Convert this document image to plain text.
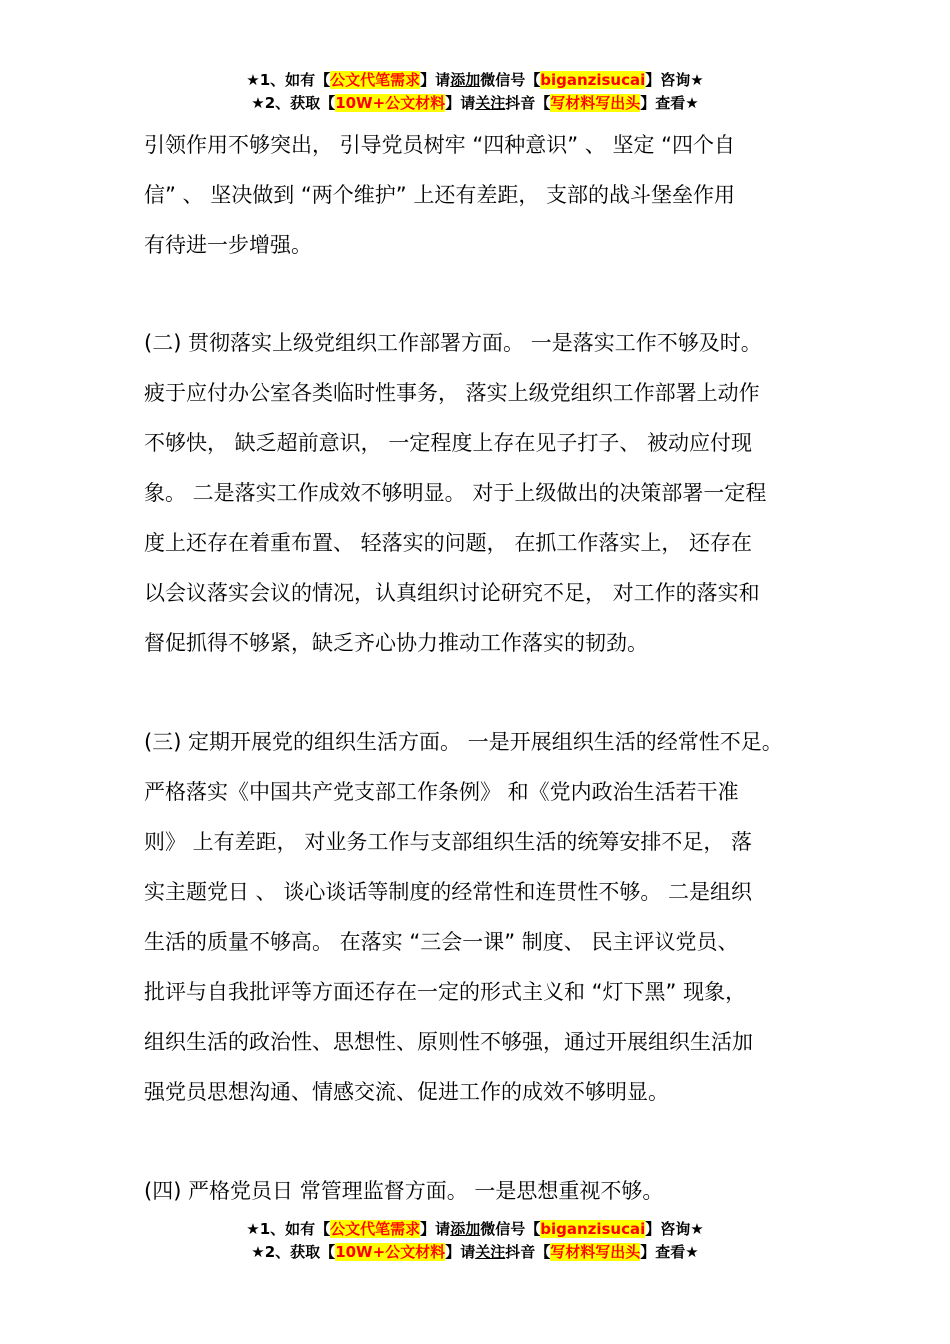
★1、如有【公文代笔需求】请添加微信号【biganzisucai】咨询★
★2、获取【10W+公文材料】请关注抖音【写材料写出头】查看★
引领作用不够突出， 引导党员树牢 “四种意识” 、 坚定 “四个自
信” 、 坚决做到 “两个维护” 上还有差距， 支部的战斗堡垒作用
有待进一步增强。
(二) 贯彻落实上级党组织工作部署方面。 一是落实工作不够及时。
疲于应付办公室各类临时性事务， 落实上级党组织工作部署上动作
不够快， 缺乏超前意识， 一定程度上存在见子打子、 被动应付现
象。 二是落实工作成效不够明显。 对于上级做出的决策部署一定程
度上还存在着重布置、 轻落实的问题， 在抓工作落实上， 还存在
以会议落实会议的情况，认真组织讨论研究不足， 对工作的落实和
督促抓得不够紧，缺乏齐心协力推动工作落实的韧劲。
(三) 定期开展党的组织生活方面。 一是开展组织生活的经常性不足。
严格落实《中国共产党支部工作条例》 和《党内政治生活若干准
则》 上有差距， 对业务工作与支部组织生活的统筹安排不足， 落
实主题党日 、 谈心谈话等制度的经常性和连贯性不够。 二是组织
生活的质量不够高。 在落实 “三会一课” 制度、 民主评议党员、
批评与自我批评等方面还存在一定的形式主义和 “灯下黑” 现象，
组织生活的政治性、思想性、原则性不够强，通过开展组织生活加
强党员思想沟通、情感交流、促进工作的成效不够明显。
(四) 严格党员日 常管理监督方面。 一是思想重视不够。
★1、如有【公文代笔需求】请添加微信号【biganzisucai】咨询★
★2、获取【10W+公文材料】请关注抖音【写材料写出头】查看★
